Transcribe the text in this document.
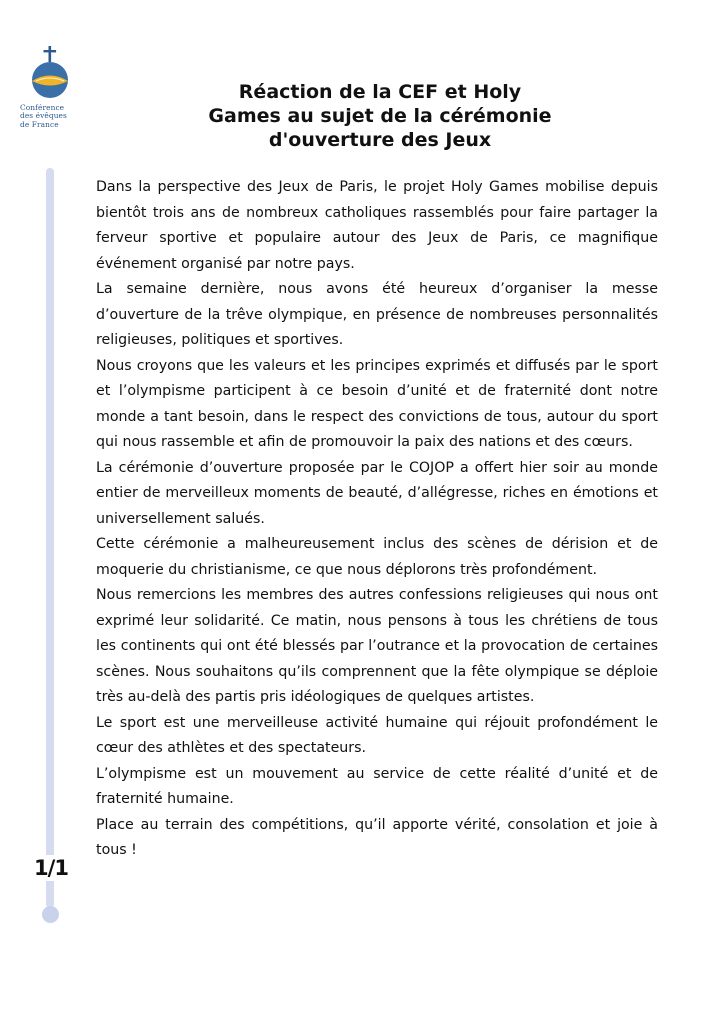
Conférence
des évêques
de France
Réaction de la CEF et Holy
Games au sujet de la cérémonie
d'ouverture des Jeux
1/1

Dans la perspective des Jeux de Paris, le projet Holy Games mobilise depuis bientôt trois ans de nombreux catholiques rassemblés pour faire partager la ferveur sportive et populaire autour des Jeux de Paris, ce magnifique événement organisé par notre pays.

La semaine dernière, nous avons été heureux d’organiser la messe d’ouverture de la trêve olympique, en présence de nombreuses personnalités religieuses, politiques et sportives.

Nous croyons que les valeurs et les principes exprimés et diffusés par le sport et l’olympisme participent à ce besoin d’unité et de fraternité dont notre monde a tant besoin, dans le respect des convictions de tous, autour du sport qui nous rassemble et afin de promouvoir la paix des nations et des cœurs.

La cérémonie d’ouverture proposée par le COJOP a offert hier soir au monde entier de merveilleux moments de beauté, d’allégresse, riches en émotions et universellement salués.

Cette cérémonie a malheureusement inclus des scènes de dérision et de moquerie du christianisme, ce que nous déplorons très profondément.

Nous remercions les membres des autres confessions religieuses qui nous ont exprimé leur solidarité. Ce matin, nous pensons à tous les chrétiens de tous les continents qui ont été blessés par l’outrance et la provocation de certaines scènes. Nous souhaitons qu’ils comprennent que la fête olympique se déploie très au-delà des partis pris idéologiques de quelques artistes.

Le sport est une merveilleuse activité humaine qui réjouit profondément le cœur des athlètes et des spectateurs.

L’olympisme est un mouvement au service de cette réalité d’unité et de fraternité humaine.

Place au terrain des compétitions, qu’il apporte vérité, consolation et joie à tous !
